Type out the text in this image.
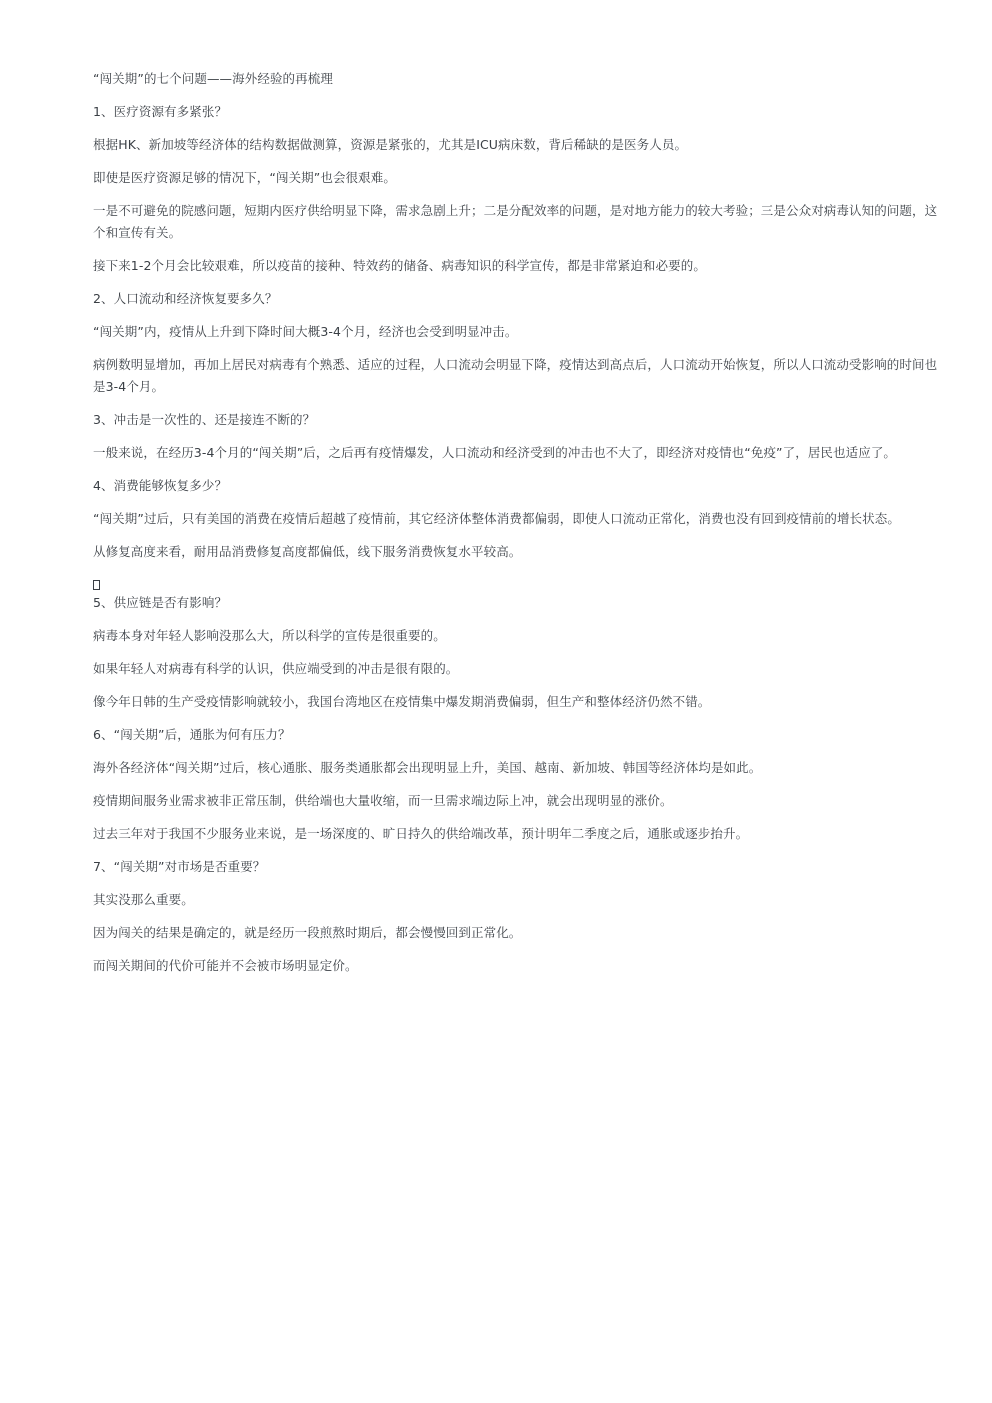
“闯关期”的七个问题——海外经验的再梳理

1、医疗资源有多紧张？

根据HK、新加坡等经济体的结构数据做测算，资源是紧张的，尤其是ICU病床数，背后稀缺的是医务人员。

即使是医疗资源足够的情况下，“闯关期”也会很艰难。

一是不可避免的院感问题，短期内医疗供给明显下降，需求急剧上升；二是分配效率的问题，是对地方能力的较大考验；三是公众对病毒认知的问题，这个和宣传有关。

接下来1-2个月会比较艰难，所以疫苗的接种、特效药的储备、病毒知识的科学宣传，都是非常紧迫和必要的。

2、人口流动和经济恢复要多久？

“闯关期”内，疫情从上升到下降时间大概3-4个月，经济也会受到明显冲击。

病例数明显增加，再加上居民对病毒有个熟悉、适应的过程，人口流动会明显下降，疫情达到高点后，人口流动开始恢复，所以人口流动受影响的时间也是3-4个月。

3、冲击是一次性的、还是接连不断的？

一般来说，在经历3-4个月的“闯关期”后，之后再有疫情爆发，人口流动和经济受到的冲击也不大了，即经济对疫情也“免疫”了，居民也适应了。

4、消费能够恢复多少？

“闯关期”过后，只有美国的消费在疫情后超越了疫情前，其它经济体整体消费都偏弱，即使人口流动正常化，消费也没有回到疫情前的增长状态。

从修复高度来看，耐用品消费修复高度都偏低，线下服务消费恢复水平较高。

5、供应链是否有影响？

病毒本身对年轻人影响没那么大，所以科学的宣传是很重要的。

如果年轻人对病毒有科学的认识，供应端受到的冲击是很有限的。

像今年日韩的生产受疫情影响就较小，我国台湾地区在疫情集中爆发期消费偏弱，但生产和整体经济仍然不错。

6、“闯关期”后，通胀为何有压力？

海外各经济体“闯关期”过后，核心通胀、服务类通胀都会出现明显上升，美国、越南、新加坡、韩国等经济体均是如此。

疫情期间服务业需求被非正常压制，供给端也大量收缩，而一旦需求端边际上冲，就会出现明显的涨价。

过去三年对于我国不少服务业来说，是一场深度的、旷日持久的供给端改革，预计明年二季度之后，通胀或逐步抬升。

7、“闯关期”对市场是否重要？

其实没那么重要。

因为闯关的结果是确定的，就是经历一段煎熬时期后，都会慢慢回到正常化。

而闯关期间的代价可能并不会被市场明显定价。
